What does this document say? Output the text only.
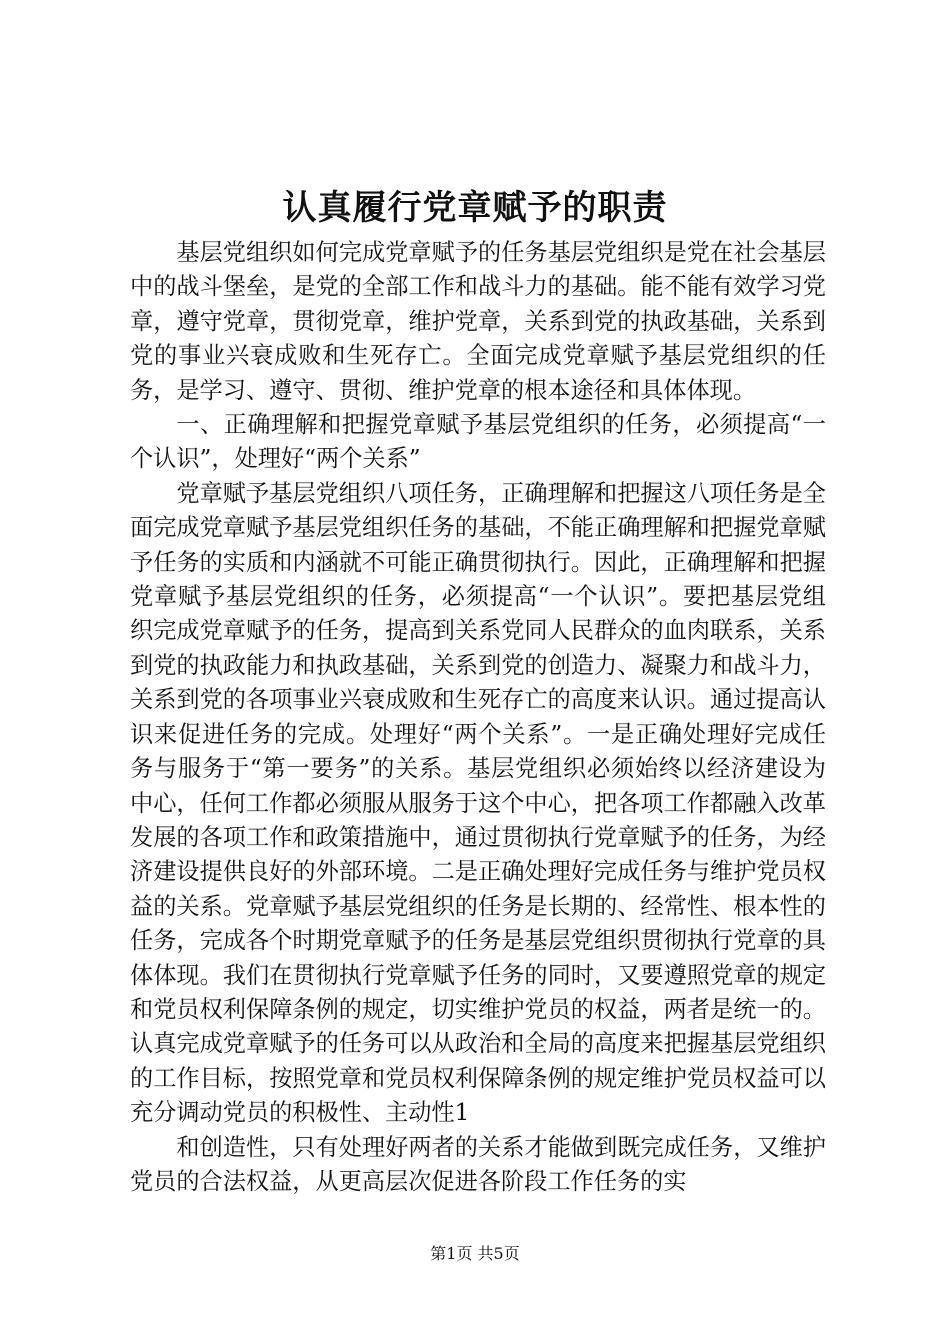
认真履行党章赋予的职责

基层党组织如何完成党章赋予的任务基层党组织是党在社会基层中的战斗堡垒，是党的全部工作和战斗力的基础。能不能有效学习党章，遵守党章，贯彻党章，维护党章，关系到党的执政基础，关系到党的事业兴衰成败和生死存亡。全面完成党章赋予基层党组织的任务，是学习、遵守、贯彻、维护党章的根本途径和具体体现。

一、正确理解和把握党章赋予基层党组织的任务，必须提高“一个认识”，处理好“两个关系”

党章赋予基层党组织八项任务，正确理解和把握这八项任务是全面完成党章赋予基层党组织任务的基础，不能正确理解和把握党章赋予任务的实质和内涵就不可能正确贯彻执行。因此，正确理解和把握党章赋予基层党组织的任务，必须提高“一个认识”。要把基层党组织完成党章赋予的任务，提高到关系党同人民群众的血肉联系，关系到党的执政能力和执政基础，关系到党的创造力、凝聚力和战斗力，关系到党的各项事业兴衰成败和生死存亡的高度来认识。通过提高认识来促进任务的完成。处理好“两个关系”。一是正确处理好完成任务与服务于“第一要务”的关系。基层党组织必须始终以经济建设为中心，任何工作都必须服从服务于这个中心，把各项工作都融入改革发展的各项工作和政策措施中，通过贯彻执行党章赋予的任务，为经济建设提供良好的外部环境。二是正确处理好完成任务与维护党员权益的关系。党章赋予基层党组织的任务是长期的、经常性、根本性的任务，完成各个时期党章赋予的任务是基层党组织贯彻执行党章的具体体现。我们在贯彻执行党章赋予任务的同时，又要遵照党章的规定和党员权利保障条例的规定，切实维护党员的权益，两者是统一的。认真完成党章赋予的任务可以从政治和全局的高度来把握基层党组织的工作目标，按照党章和党员权利保障条例的规定维护党员权益可以充分调动党员的积极性、主动性1

和创造性，只有处理好两者的关系才能做到既完成任务，又维护党员的合法权益，从更高层次促进各阶段工作任务的实

第1页 共5页
